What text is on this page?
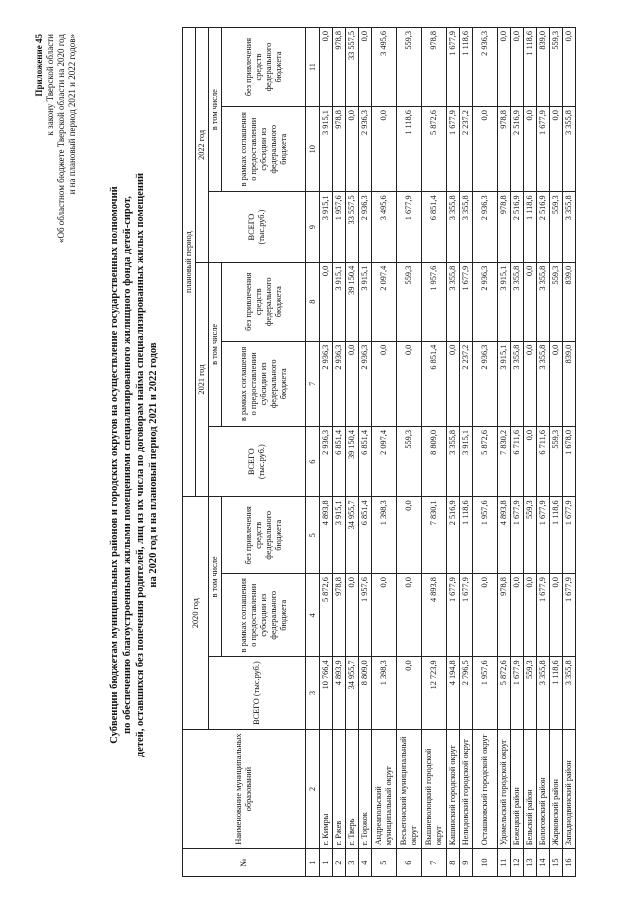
Приложение 45 к закону Тверской области «Об областном бюджете Тверской области на 2020 год и на плановый период 2021 и 2022 годов»
Субвенции бюджетам муниципальных районов и городских округов на осуществление государственных полномочий по обеспечению благоустроенными жилыми помещениями специализированного жилищного фонда детей-сирот, детей, оставшихся без попечения родителей, лиц из их числа по договорам найма специализированных жилых помещений на 2020 год и на плановый период 2021 и 2022 годов
№	Наименование муниципальных образований	2020 год			плановый период					
					2021 год			2022 год		
		ВСЕГО (тыс.руб.)	в том числе		ВСЕГО (тыс.руб.)	в том числе		ВСЕГО (тыс.руб.)	в том числе	
			в рамках соглашения о предоставлении субсидии из федерального бюджета	без привлечения средств федерального бюджета		в рамках соглашения о предоставлении субсидии из федерального бюджета	без привлечения средств федерального бюджета		в рамках соглашения о предоставлении субсидии из федерального бюджета	без привлечения средств федерального бюджета
1	2	3	4	5	6	7	8	9	10	11
1	г. Кимры	10 766,4	5 872,6	4 893,8	2 936,3	2 936,3	0,0	3 915,1	3 915,1	0,0
2	г. Ржев	4 893,9	978,8	3 915,1	6 851,4	2 936,3	3 915,1	1 957,6	978,8	978,8
3	г. Тверь	34 955,7	0,0	34 955,7	39 150,4	0,0	39 150,4	33 557,5	0,0	33 557,5
4	г. Торжок	8 809,0	1 957,6	6 851,4	6 851,4	2 936,3	3 915,1	2 936,3	2 936,3	0,0
5	Андреапольский муниципальный округ	1 398,3	0,0	1 398,3	2 097,4	0,0	2 097,4	3 495,6	0,0	3 495,6
6	Весьегонский муниципальный округ	0,0	0,0	0,0	559,3	0,0	559,3	1 677,9	1 118,6	559,3
7	Вышневолоцкий городской округ	12 723,9	4 893,8	7 830,1	8 809,0	6 851,4	1 957,6	6 851,4	5 872,6	978,8
8	Кашинский городской округ	4 194,8	1 677,9	2 516,9	3 355,8	0,0	3 355,8	3 355,8	1 677,9	1 677,9
9	Нелидовский городской округ	2 796,5	1 677,9	1 118,6	3 915,1	2 237,2	1 677,9	3 355,8	2 237,2	1 118,6
10	Осташковский городской округ	1 957,6	0,0	1 957,6	5 872,6	2 936,3	2 936,3	2 936,3	0,0	2 936,3
11	Удомельский городской округ	5 872,6	978,8	4 893,8	7 830,2	3 915,1	3 915,1	978,8	978,8	0,0
12	Бежецкий район	1 677,9	0,0	1 677,9	6 711,6	3 355,8	3 355,8	2 516,9	2 516,9	0,0
13	Бельский район	559,3	0,0	559,3	0,0	0,0	0,0	1 118,6	0,0	1 118,6
14	Бологовский район	3 355,8	1 677,9	1 677,9	6 711,6	3 355,8	3 355,8	2 516,9	1 677,9	839,0
15	Жарковский район	1 118,6	0,0	1 118,6	559,3	0,0	559,3	559,3	0,0	559,3
16	Западнодвинский район	3 355,8	1 677,9	1 677,9	1 678,0	839,0	839,0	3 355,8	3 355,8	0,0
